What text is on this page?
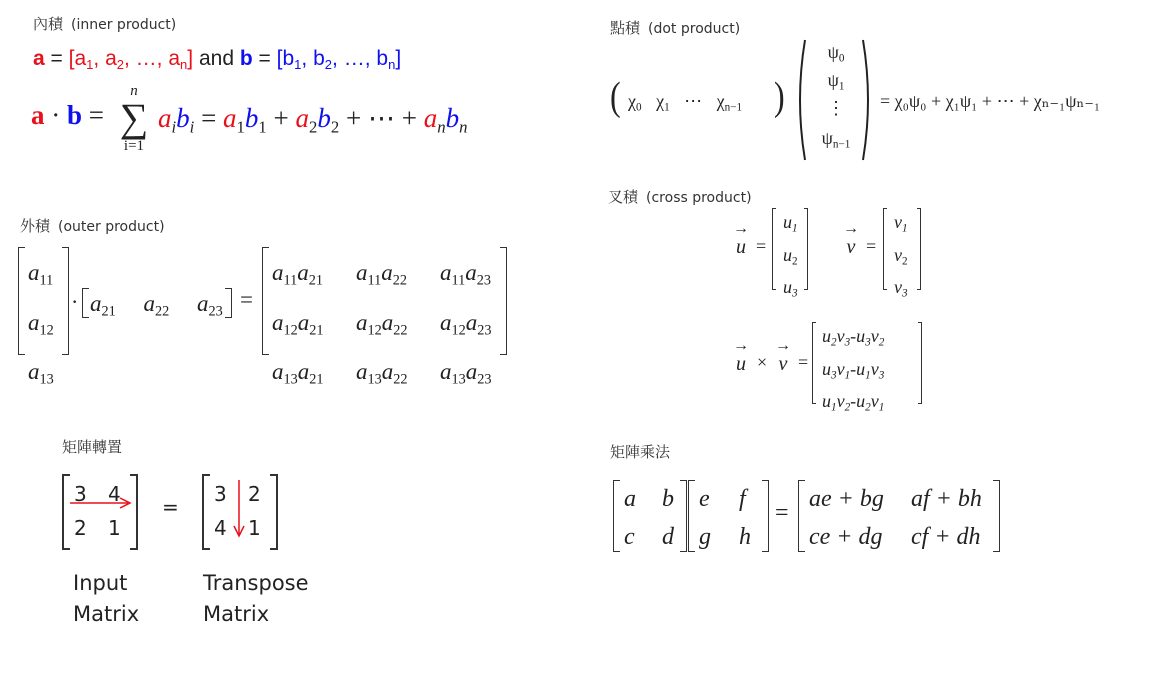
內積 (inner product)
$a = [a_1$, $a_2$, …, $a_n$] and $b = [b_1$, $b_2$, …, $b_n$]
a · b =
n
∑
i=1
$a_ib_i = a_1b_1 + a_2b_2$ + ⋯ + $a_nb_n$
點積 (dot product)
( $\chi_0$ $\chi_1$ ⋯ $\chi_{n-1}$ )
$\psi_0$
$\psi_1$
⋮
$\psi_{n-1}$
= χ₀ψ₀ + χ₁ψ₁ + ⋯ + χₙ₋₁ψₙ₋₁
外積 (outer product)
$a_{11}$
$a_{12}$
$a_{13}$
· $a_{21}$ $a_{22}$ $a_{23}$ =
$a_{11}a_{21}$ $a_{11}a_{22}$ $a_{11}a_{23}$
$a_{12}a_{21}$ $a_{12}a_{22}$ $a_{12}a_{23}$
$a_{13}a_{21}$ $a_{13}a_{22}$ $a_{13}a_{23}$
叉積 (cross product)
→
u =
$u_1$
$u_2$
$u_3$
→
v =
$v_1$
$v_2$
$v_3$
→
u ×
→
v =
$u_2v_3-u_3v_2$
$u_3v_1-u_1v_3$
$u_1v_2-u_2v_1$
矩陣轉置
3 4
2 1
=
3 2
4 1
Input
Matrix
Transpose
Matrix
矩陣乘法
a b
c d
e f
g h
=
ae + bg af + bh
ce + dg cf + dh
